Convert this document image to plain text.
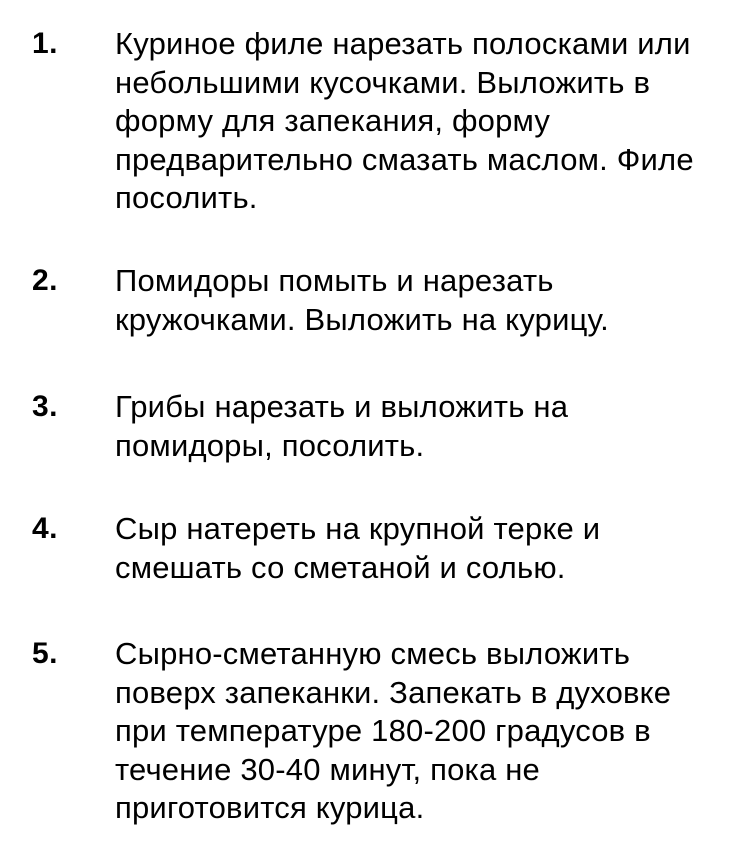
1. Куриное филе нарезать полосками или небольшими кусочками. Выложить в форму для запекания, форму предварительно смазать маслом. Филе посолить.
2. Помидоры помыть и нарезать кружочками. Выложить на курицу.
3. Грибы нарезать и выложить на помидоры, посолить.
4. Сыр натереть на крупной терке и смешать со сметаной и солью.
5. Сырно-сметанную смесь выложить поверх запеканки. Запекать в духовке при температуре 180-200 градусов в течение 30-40 минут, пока не приготовится курица.
